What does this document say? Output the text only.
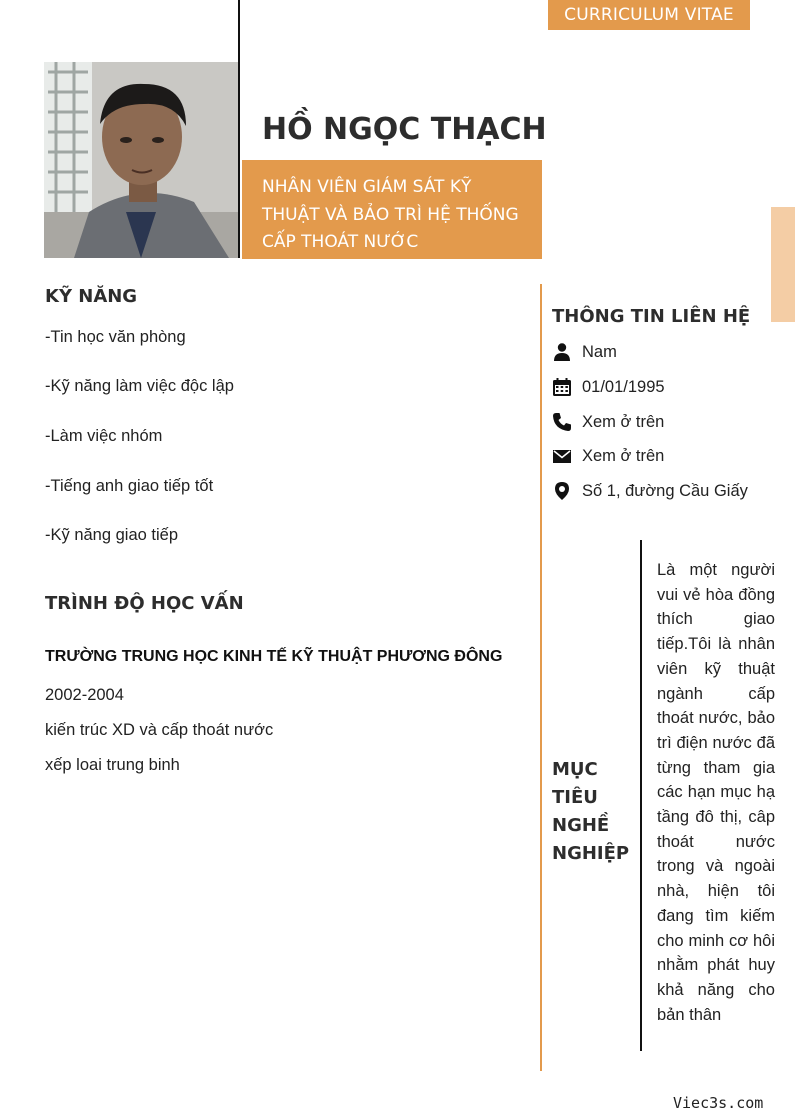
CURRICULUM VITAE
HỒ NGỌC THẠCH
NHÂN VIÊN GIÁM SÁT KỸ THUẬT VÀ BẢO TRÌ HỆ THỐNG CẤP THOÁT NƯỚC
KỸ NĂNG
-Tin học văn phòng
-Kỹ năng làm việc độc lập
-Làm việc nhóm
-Tiếng anh giao tiếp tốt
-Kỹ năng giao tiếp
TRÌNH ĐỘ HỌC VẤN
TRƯỜNG TRUNG HỌC KINH TẾ KỸ THUẬT PHƯƠNG ĐÔNG
2002-2004
kiến trúc XD và cấp thoát nước
xếp loai trung binh
THÔNG TIN LIÊN HỆ
Nam
01/01/1995
Xem ở trên
Xem ở trên
Số 1, đường Cầu Giấy
MỤC TIÊU NGHỀ NGHIỆP
Là một người vui vẻ hòa đồng thích giao tiếp.Tôi là nhân viên kỹ thuật ngành cấp thoát nước, bảo trì điện nước đã từng tham gia các hạn mục hạ tầng đô thị, câp thoát nước trong và ngoài nhà, hiện tôi đang tìm kiếm cho minh cơ hôi nhằm phát huy khả năng cho bản thân
Viec3s.com
